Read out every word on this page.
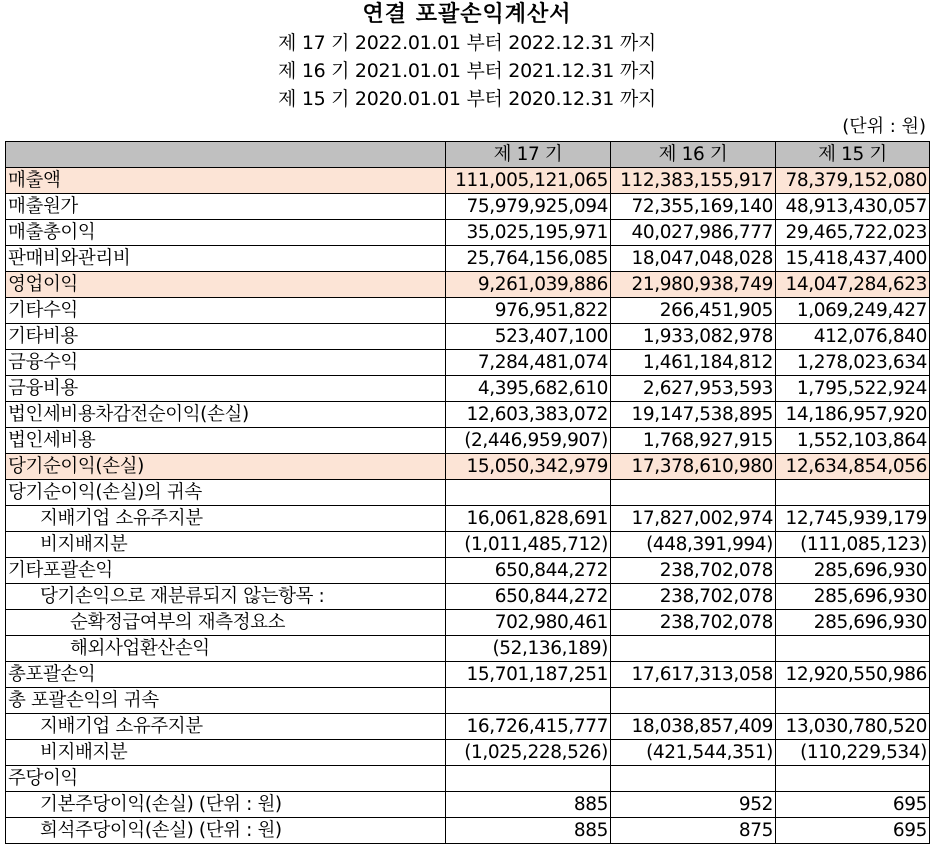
연결 포괄손익계산서
제 17 기 2022.01.01 부터 2022.12.31 까지
제 16 기 2021.01.01 부터 2021.12.31 까지
제 15 기 2020.01.01 부터 2020.12.31 까지
(단위 : 원)
	제 17 기	제 16 기	제 15 기
매출액	111,005,121,065	112,383,155,917	78,379,152,080
매출원가	75,979,925,094	72,355,169,140	48,913,430,057
매출총이익	35,025,195,971	40,027,986,777	29,465,722,023
판매비와관리비	25,764,156,085	18,047,048,028	15,418,437,400
영업이익	9,261,039,886	21,980,938,749	14,047,284,623
기타수익	976,951,822	266,451,905	1,069,249,427
기타비용	523,407,100	1,933,082,978	412,076,840
금융수익	7,284,481,074	1,461,184,812	1,278,023,634
금융비용	4,395,682,610	2,627,953,593	1,795,522,924
법인세비용차감전순이익(손실)	12,603,383,072	19,147,538,895	14,186,957,920
법인세비용	(2,446,959,907)	1,768,927,915	1,552,103,864
당기순이익(손실)	15,050,342,979	17,378,610,980	12,634,854,056
당기순이익(손실)의 귀속			
지배기업 소유주지분	16,061,828,691	17,827,002,974	12,745,939,179
비지배지분	(1,011,485,712)	(448,391,994)	(111,085,123)
기타포괄손익	650,844,272	238,702,078	285,696,930
당기손익으로 재분류되지 않는항목 :	650,844,272	238,702,078	285,696,930
순확정급여부의 재측정요소	702,980,461	238,702,078	285,696,930
해외사업환산손익	(52,136,189)		
총포괄손익	15,701,187,251	17,617,313,058	12,920,550,986
총 포괄손익의 귀속			
지배기업 소유주지분	16,726,415,777	18,038,857,409	13,030,780,520
비지배지분	(1,025,228,526)	(421,544,351)	(110,229,534)
주당이익			
기본주당이익(손실) (단위 : 원)	885	952	695
희석주당이익(손실) (단위 : 원)	885	875	695
